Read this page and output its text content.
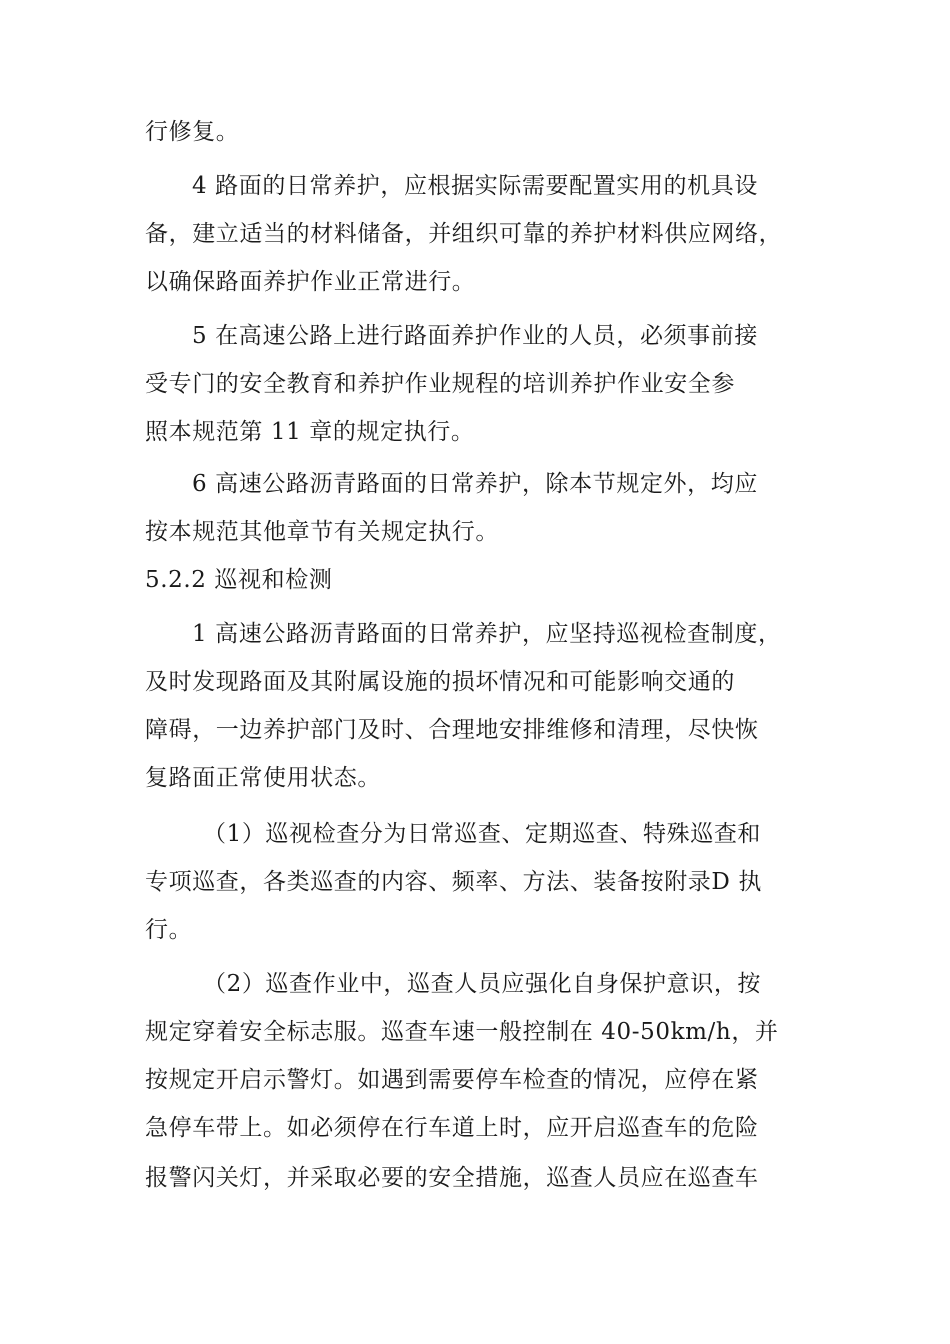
行修复。
4 路面的日常养护，应根据实际需要配置实用的机具设
备，建立适当的材料储备，并组织可靠的养护材料供应网络，
以确保路面养护作业正常进行。
5 在高速公路上进行路面养护作业的人员，必须事前接
受专门的安全教育和养护作业规程的培训养护作业安全参
照本规范第 11 章的规定执行。
6 高速公路沥青路面的日常养护，除本节规定外，均应
按本规范其他章节有关规定执行。
5.2.2 巡视和检测
1 高速公路沥青路面的日常养护，应坚持巡视检查制度，
及时发现路面及其附属设施的损坏情况和可能影响交通的
障碍，一边养护部门及时、合理地安排维修和清理，尽快恢
复路面正常使用状态。
（1）巡视检查分为日常巡查、定期巡查、特殊巡查和
专项巡查，各类巡查的内容、频率、方法、装备按附录D 执
行。
（2）巡查作业中，巡查人员应强化自身保护意识，按
规定穿着安全标志服。巡查车速一般控制在 40-50km/h，并
按规定开启示警灯。如遇到需要停车检查的情况，应停在紧
急停车带上。如必须停在行车道上时，应开启巡查车的危险
报警闪关灯，并采取必要的安全措施，巡查人员应在巡查车
